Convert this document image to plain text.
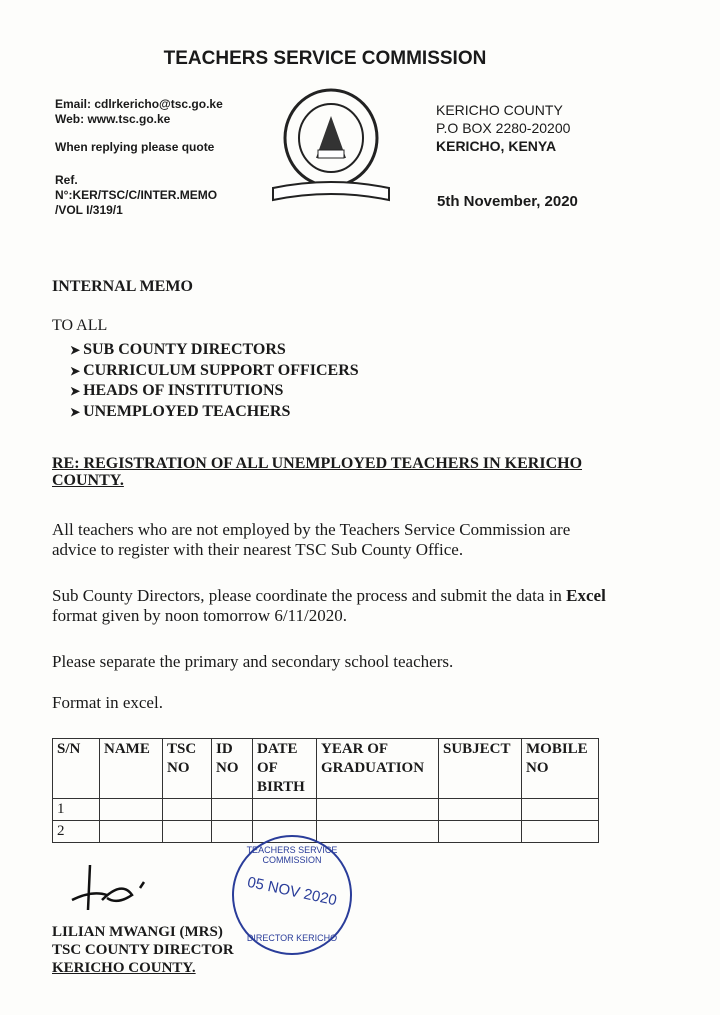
TEACHERS SERVICE COMMISSION
Email: cdlrkericho@tsc.go.ke
Web: www.tsc.go.ke
When replying please quote
Ref.
N°:KER/TSC/C/INTER.MEMO
/VOL I/319/1
KERICHO COUNTY
P.O BOX 2280-20200
KERICHO, KENYA
5th November, 2020
INTERNAL MEMO
TO ALL
➤ SUB COUNTY DIRECTORS
➤ CURRICULUM SUPPORT OFFICERS
➤ HEADS OF INSTITUTIONS
➤ UNEMPLOYED TEACHERS
RE: REGISTRATION OF ALL UNEMPLOYED TEACHERS IN KERICHO COUNTY.
All teachers who are not employed by the Teachers Service Commission are advice to register with their nearest TSC Sub County Office.
Sub County Directors, please coordinate the process and submit the data in Excel format given by noon tomorrow 6/11/2020.
Please separate the primary and secondary school teachers.
Format in excel.
S/N	NAME	TSC NO	ID NO	DATE OF BIRTH	YEAR OF GRADUATION	SUBJECT	MOBILE NO
1							
2							
TEACHERS SERVICE COMMISSION
05 NOV 2020
DIRECTOR KERICHO
LILIAN MWANGI (MRS)
TSC COUNTY DIRECTOR
KERICHO COUNTY.
